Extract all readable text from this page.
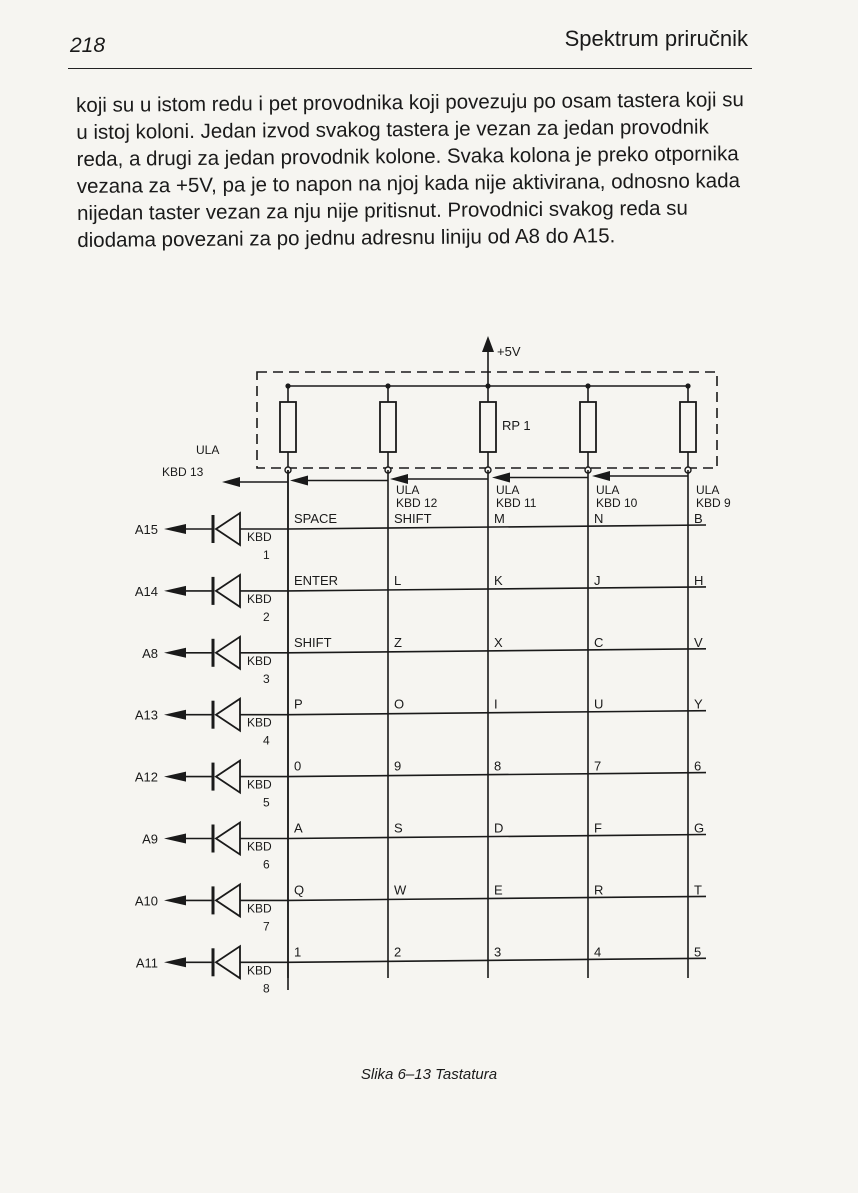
218	Spektrum priručnik

koji su u istom redu i pet provodnika koji povezuju po osam tastera koji su u istoj koloni. Jedan izvod svakog tastera je vezan za jedan provodnik reda, a drugi za jedan provodnik kolone. Svaka kolona je preko otpornika vezana za +5V, pa je to napon na njoj kada nije aktivirana, odnosno kada nijedan taster vezan za nju nije pritisnut. Provodnici svakog reda su diodama povezani za po jednu adresnu liniju od A8 do A15.

+5V
RP 1
ULA
KBD 13
ULA
KBD 12
ULA
KBD 11
ULA
KBD 10
ULA
KBD 9
A15	KBD
1
SPACE	SHIFT	M	N	B
A14	KBD
2
ENTER	L	K	J	H
A8	KBD
3
SHIFT	Z	X	C	V
A13	KBD
4
P	O	I	U	Y
A12	KBD
5
0	9	8	7	6
A9	KBD
6
A	S	D	F	G
A10	KBD
7
Q	W	E	R	T
A11	KBD
8
1	2	3	4	5
Slika 6–13 Tastatura
